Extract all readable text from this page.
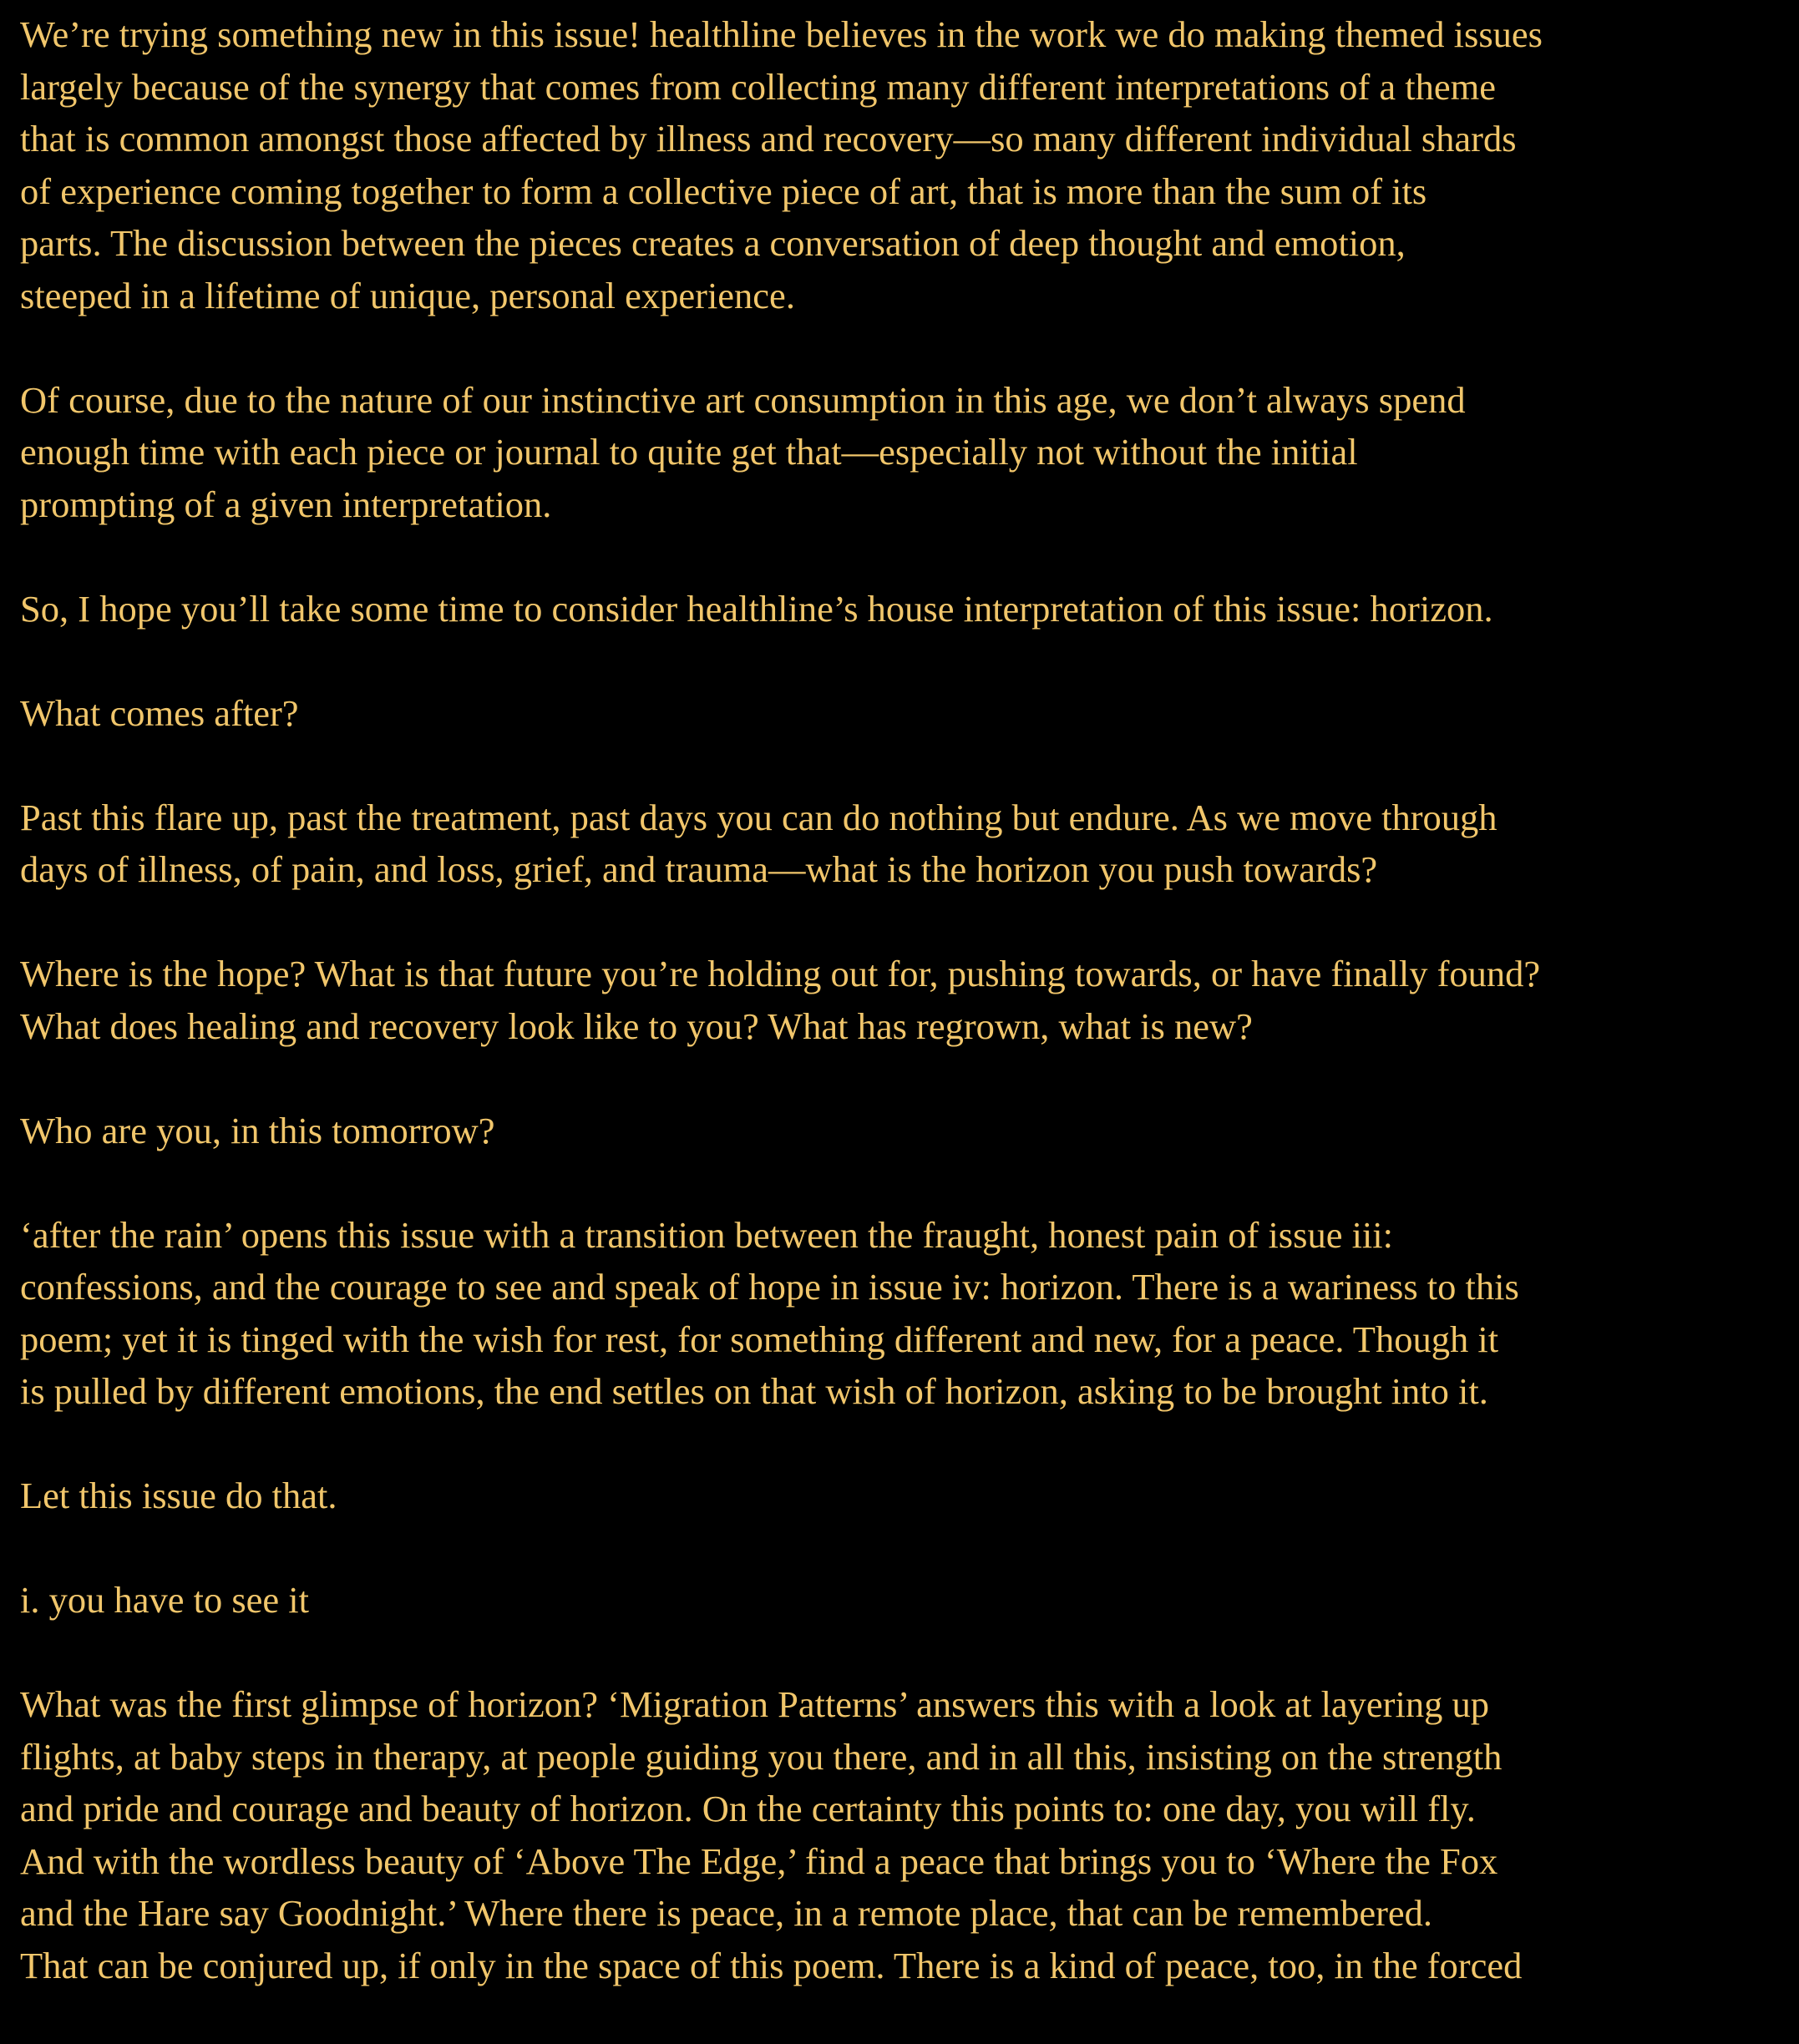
We’re trying something new in this issue! healthline believes in the work we do making themed issues
largely because of the synergy that comes from collecting many different interpretations of a theme
that is common amongst those affected by illness and recovery—so many different individual shards
of experience coming together to form a collective piece of art, that is more than the sum of its
parts. The discussion between the pieces creates a conversation of deep thought and emotion,
steeped in a lifetime of unique, personal experience.

Of course, due to the nature of our instinctive art consumption in this age, we don’t always spend
enough time with each piece or journal to quite get that—especially not without the initial
prompting of a given interpretation.

So, I hope you’ll take some time to consider healthline’s house interpretation of this issue: horizon.

What comes after?

Past this flare up, past the treatment, past days you can do nothing but endure. As we move through
days of illness, of pain, and loss, grief, and trauma—what is the horizon you push towards?

Where is the hope? What is that future you’re holding out for, pushing towards, or have finally found?
What does healing and recovery look like to you? What has regrown, what is new?

Who are you, in this tomorrow?

‘after the rain’ opens this issue with a transition between the fraught, honest pain of issue iii:
confessions, and the courage to see and speak of hope in issue iv: horizon. There is a wariness to this
poem; yet it is tinged with the wish for rest, for something different and new, for a peace. Though it
is pulled by different emotions, the end settles on that wish of horizon, asking to be brought into it.

Let this issue do that.

i. you have to see it

What was the first glimpse of horizon? ‘Migration Patterns’ answers this with a look at layering up
flights, at baby steps in therapy, at people guiding you there, and in all this, insisting on the strength
and pride and courage and beauty of horizon. On the certainty this points to: one day, you will fly.
And with the wordless beauty of ‘Above The Edge,’ find a peace that brings you to ‘Where the Fox
and the Hare say Goodnight.’ Where there is peace, in a remote place, that can be remembered.
That can be conjured up, if only in the space of this poem. There is a kind of peace, too, in the forced
